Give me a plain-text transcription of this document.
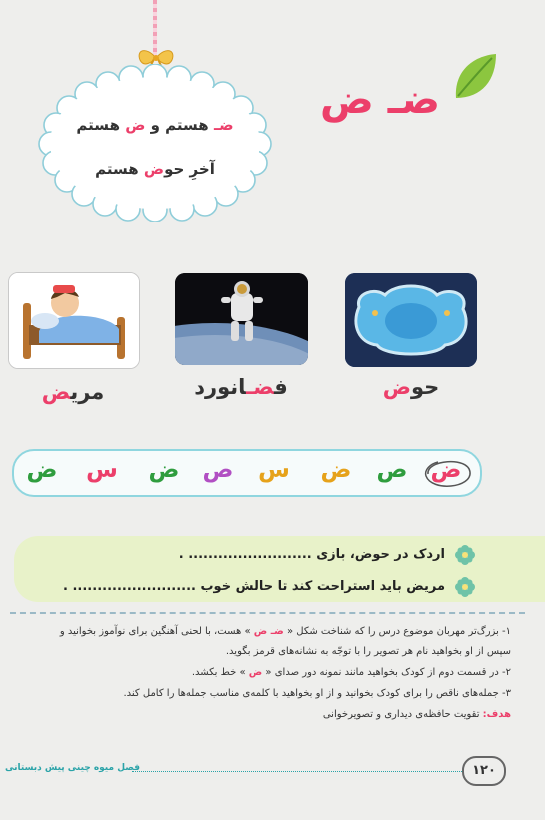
ضـ هستم و ض هستم
آخرِ حوض هستم
ضـ ض
حوض
فضـانورد
مريض
ض
ص
ض
س
ص
ض
س
ض
اردک در حوض، بازی ......................... .
مریض باید استراحت کند تا حالش خوب ......................... .
۱- بزرگ‌تر مهربان موضوع درس را که شناخت شکل « ضـ ض » هست، با لحنی آهنگین برای نوآموز بخوانید و
سپس از او بخواهید نام هر تصویر را با توجّه به نشانه‌های قرمز بگوید.
۲- در قسمت دوم از کودک بخواهید مانند نمونه دور صدای « ض » خط بکشد.
۳- جمله‌های ناقص را برای کودک بخوانید و از او بخواهید با کلمه‌ی مناسب جمله‌ها را کامل کند.
هدف: تقویت حافظه‌ی دیداری و تصویرخوانی
فصل میوه چینی پیش دبستانی	۱۲۰
